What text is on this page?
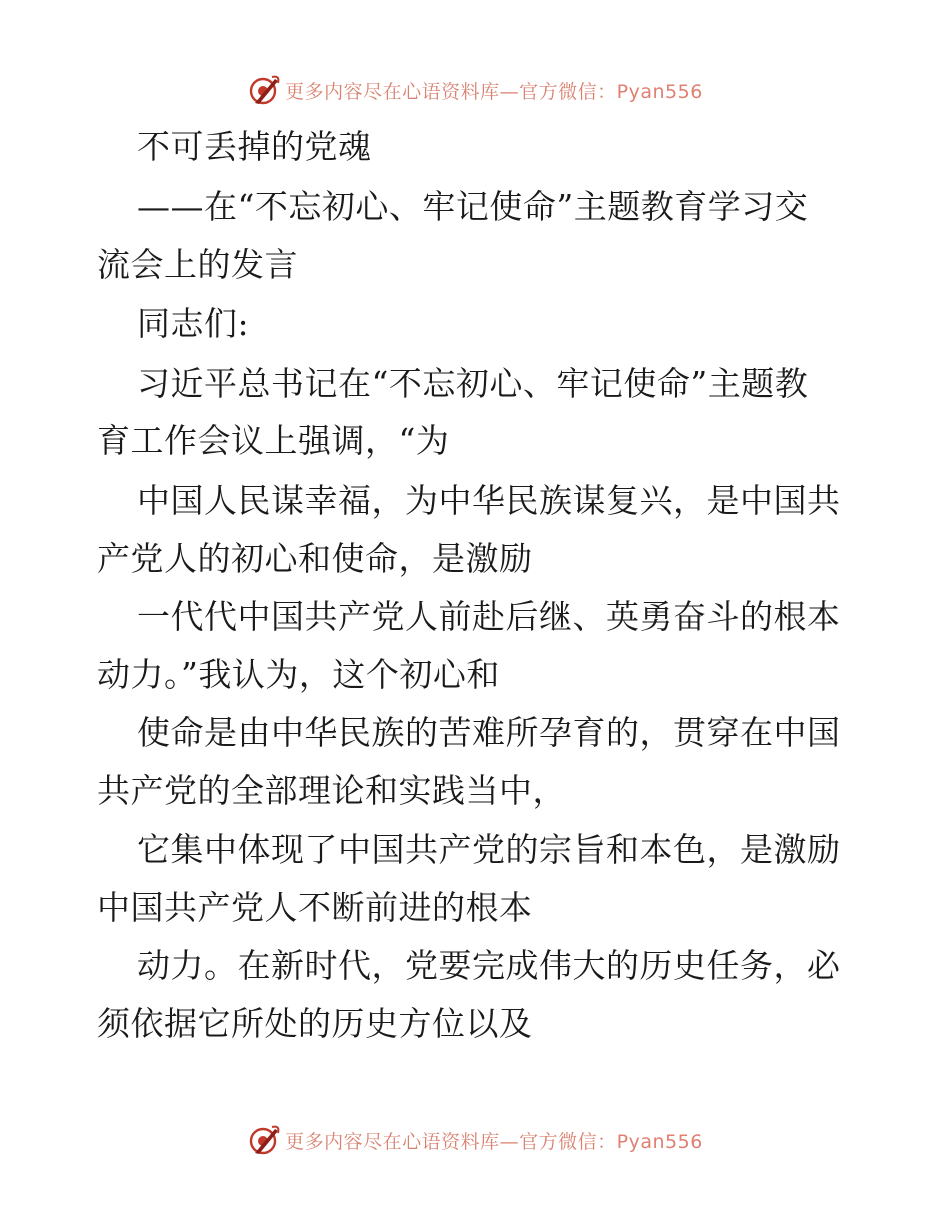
更多内容尽在心语资料库—官方微信：Pyan556
不可丢掉的党魂
——在“不忘初心、牢记使命”主题教育学习交
流会上的发言
同志们:
习近平总书记在“不忘初心、牢记使命”主题教
育工作会议上强调，“为
中国人民谋幸福，为中华民族谋复兴，是中国共
产党人的初心和使命，是激励
一代代中国共产党人前赴后继、英勇奋斗的根本
动力。”我认为，这个初心和
使命是由中华民族的苦难所孕育的，贯穿在中国
共产党的全部理论和实践当中，
它集中体现了中国共产党的宗旨和本色，是激励
中国共产党人不断前进的根本
动力。在新时代，党要完成伟大的历史任务，必
须依据它所处的历史方位以及
更多内容尽在心语资料库—官方微信：Pyan556
